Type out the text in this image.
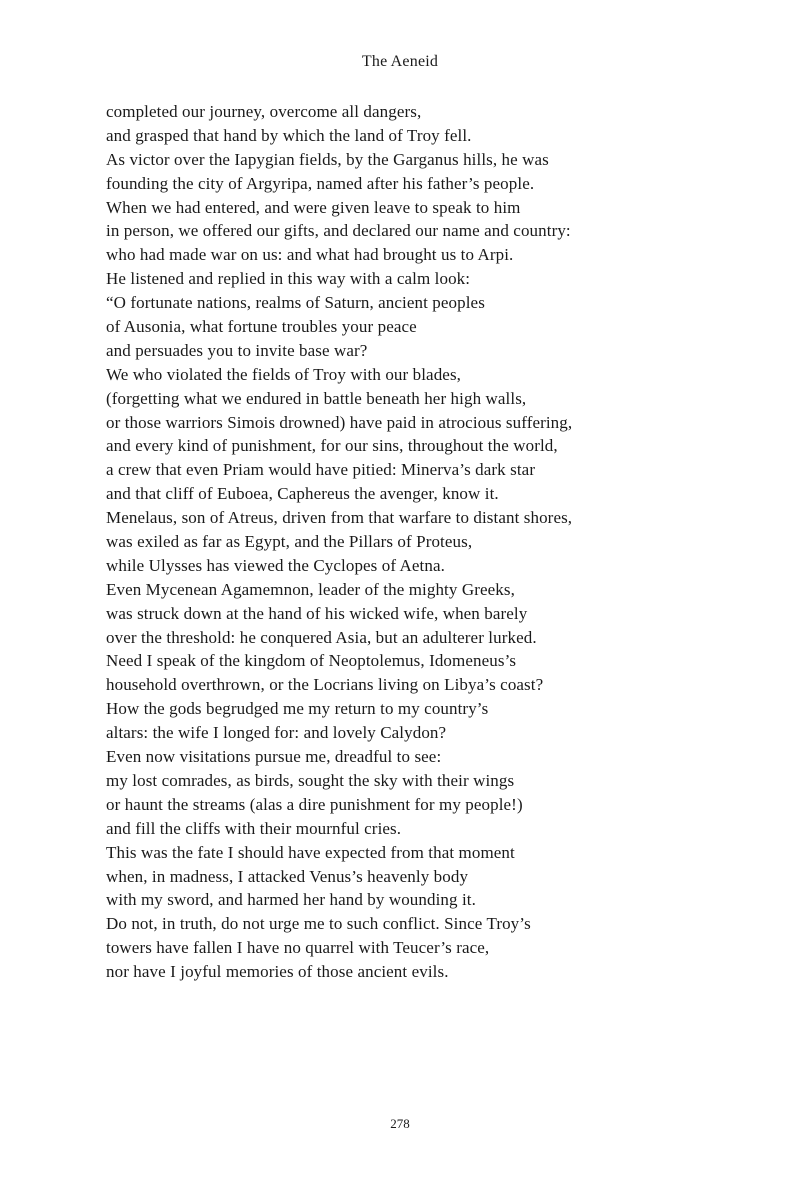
The Aeneid
completed our journey, overcome all dangers,
and grasped that hand by which the land of Troy fell.
As victor over the Iapygian fields, by the Garganus hills, he was
founding the city of Argyripa, named after his father’s people.
When we had entered, and were given leave to speak to him
in person, we offered our gifts, and declared our name and country:
who had made war on us: and what had brought us to Arpi.
He listened and replied in this way with a calm look:
“O fortunate nations, realms of Saturn, ancient peoples
of Ausonia, what fortune troubles your peace
and persuades you to invite base war?
We who violated the fields of Troy with our blades,
(forgetting what we endured in battle beneath her high walls,
or those warriors Simois drowned) have paid in atrocious suffering,
and every kind of punishment, for our sins, throughout the world,
a crew that even Priam would have pitied: Minerva’s dark star
and that cliff of Euboea, Caphereus the avenger, know it.
Menelaus, son of Atreus, driven from that warfare to distant shores,
was exiled as far as Egypt, and the Pillars of Proteus,
while Ulysses has viewed the Cyclopes of Aetna.
Even Mycenean Agamemnon, leader of the mighty Greeks,
was struck down at the hand of his wicked wife, when barely
over the threshold: he conquered Asia, but an adulterer lurked.
Need I speak of the kingdom of Neoptolemus, Idomeneus’s
household overthrown, or the Locrians living on Libya’s coast?
How the gods begrudged me my return to my country’s
altars: the wife I longed for: and lovely Calydon?
Even now visitations pursue me, dreadful to see:
my lost comrades, as birds, sought the sky with their wings
or haunt the streams (alas a dire punishment for my people!)
and fill the cliffs with their mournful cries.
This was the fate I should have expected from that moment
when, in madness, I attacked Venus’s heavenly body
with my sword, and harmed her hand by wounding it.
Do not, in truth, do not urge me to such conflict. Since Troy’s
towers have fallen I have no quarrel with Teucer’s race,
nor have I joyful memories of those ancient evils.
278
